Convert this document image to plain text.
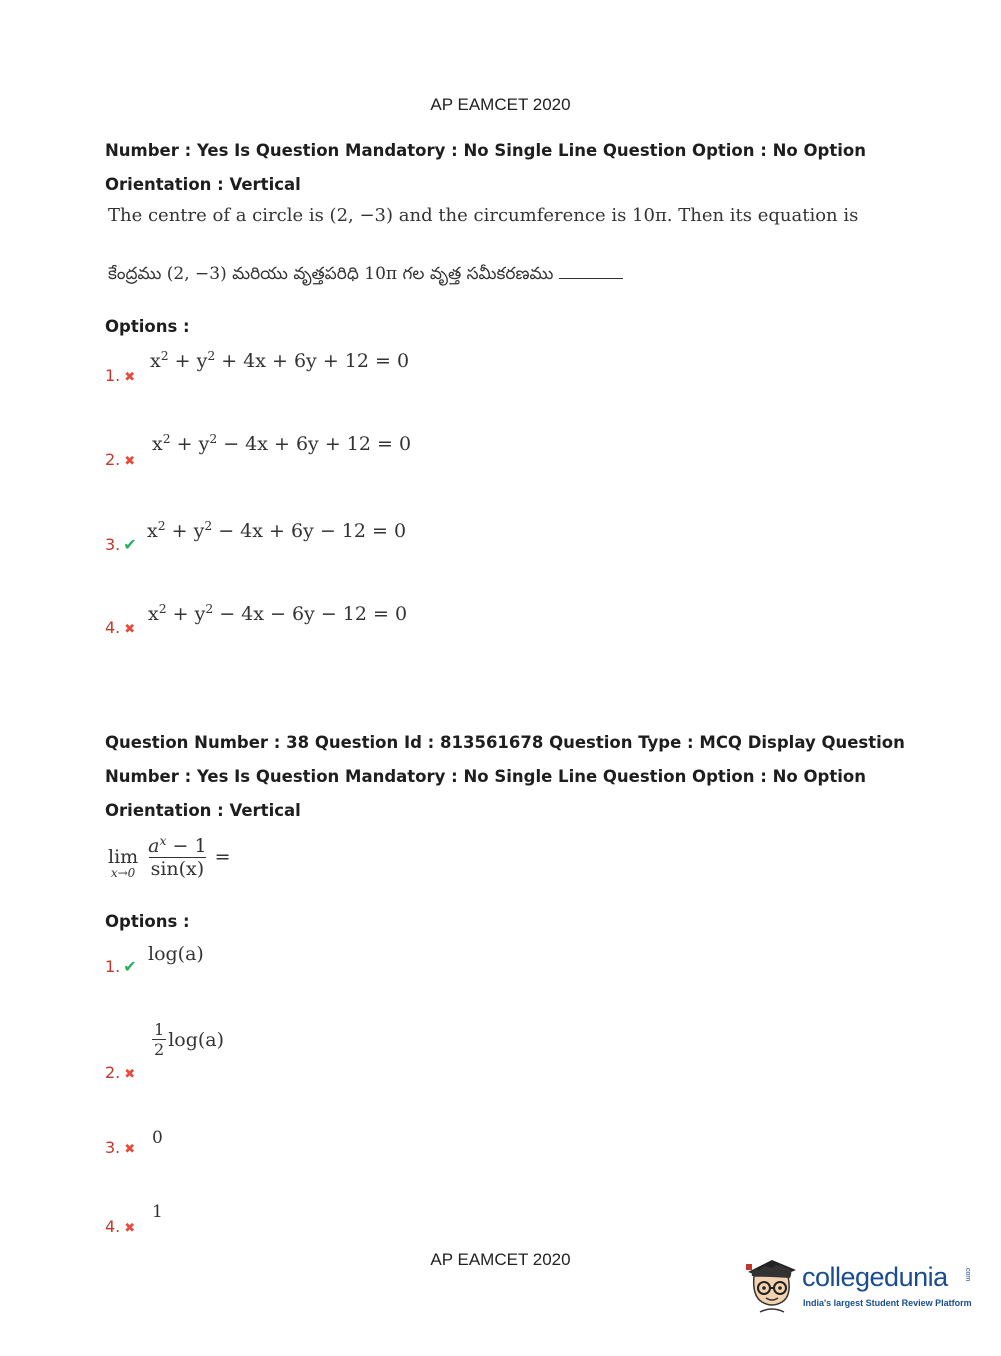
AP EAMCET 2020
Number : Yes Is Question Mandatory : No Single Line Question Option : No Option
Orientation : Vertical
The centre of a circle is (2, −3) and the circumference is 10π. Then its equation is
కేంద్రము (2, −3) మరియు వృత్తపరిధి 10π గల వృత్త సమీకరణము
Options :
1. ✖
$x^2 + y^2 + 4x + 6y + 12 = 0$
2. ✖
$x^2 + y^2 - 4x + 6y + 12 = 0$
3. ✔
$x^2 + y^2 - 4x + 6y - 12 = 0$
4. ✖
$x^2 + y^2 - 4x - 6y - 12 = 0$
Question Number : 38 Question Id : 813561678 Question Type : MCQ Display Question
Number : Yes Is Question Mandatory : No Single Line Question Option : No Option
Orientation : Vertical
lim
$x\to 0 \frac{a^x - 1}{\sin(x)}$ =
Options :
1. ✔
log(a)
2. ✖
$\frac{1}{2} \log(a)$
3. ✖
0
4. ✖
1
AP EAMCET 2020
collegedunia .com
India's largest Student Review Platform
